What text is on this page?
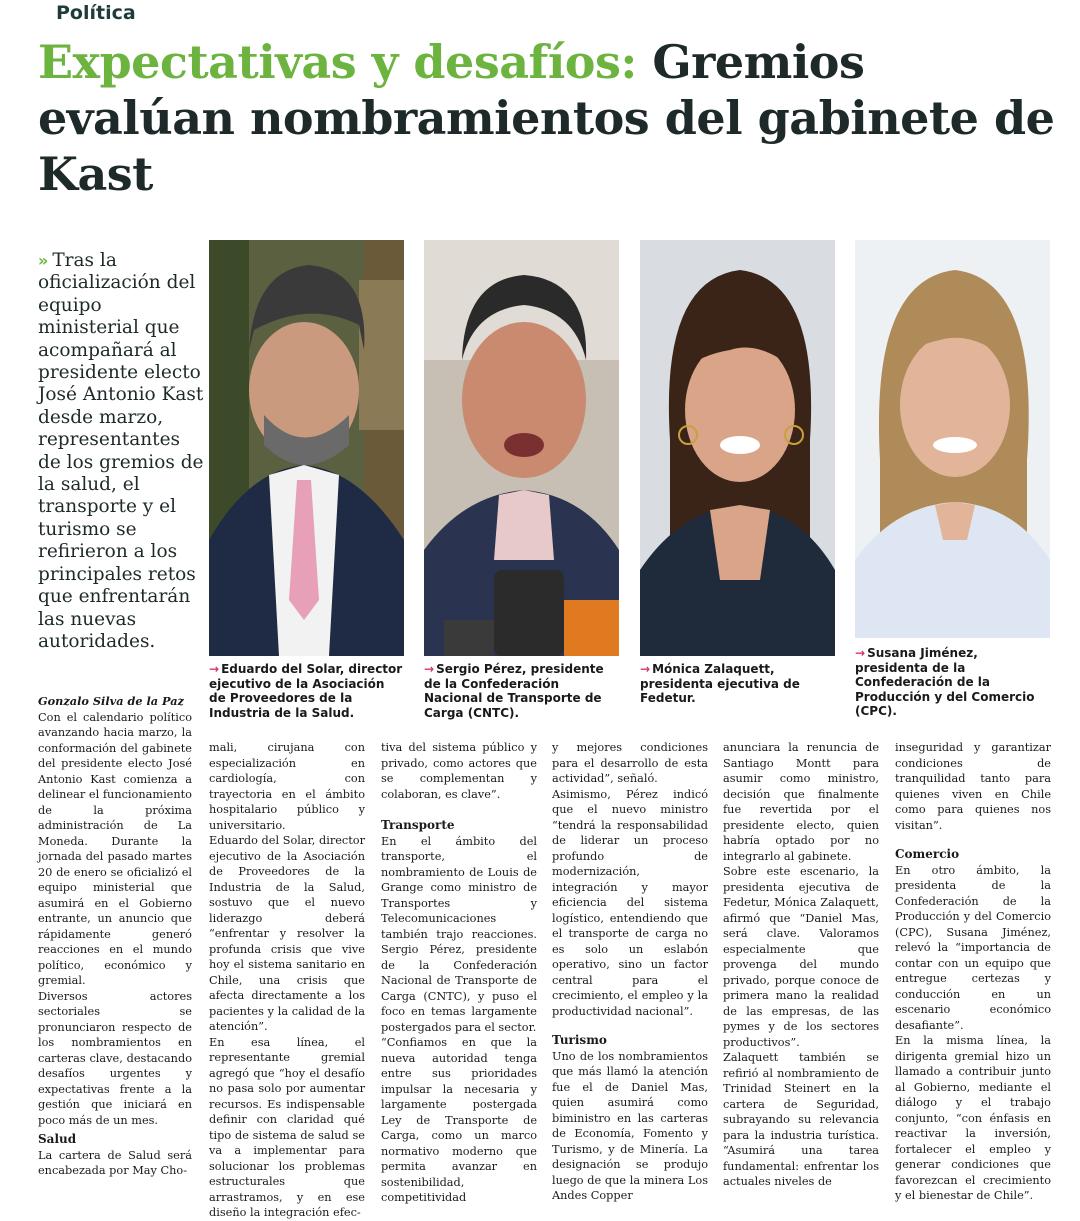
Política
Expectativas y desafíos: Gremios evalúan nombramientos del gabinete de Kast
» Tras la oficialización del equipo ministerial que acompañará al presidente electo José Antonio Kast desde marzo, representantes de los gremios de la salud, el transporte y el turismo se refirieron a los principales retos que enfrentarán las nuevas autoridades.
→ Eduardo del Solar, director ejecutivo de la Asociación de Proveedores de la Industria de la Salud.
→ Sergio Pérez, presidente de la Confederación Nacional de Transporte de Carga (CNTC).
→ Mónica Zalaquett, presidenta ejecutiva de Fedetur.
→ Susana Jiménez, presidenta de la Confederación de la Producción y del Comercio (CPC).

Gonzalo Silva de la Paz

Con el calendario político avanzando hacia marzo, la conformación del gabinete del presidente electo José Antonio Kast comienza a delinear el funcionamiento de la próxima administración de La Moneda. Durante la jornada del pasado martes 20 de enero se oficializó el equipo ministerial que asumirá en el Gobierno entrante, un anuncio que rápidamente generó reacciones en el mundo político, económico y gremial.

Diversos actores sectoriales se pronunciaron respecto de los nombramientos en carteras clave, destacando desafíos urgentes y expectativas frente a la gestión que iniciará en poco más de un mes.

Salud

La cartera de Salud será encabezada por May Cho-

mali, cirujana con especialización en cardiología, con trayectoria en el ámbito hospitalario público y universitario.

Eduardo del Solar, director ejecutivo de la Asociación de Proveedores de la Industria de la Salud, sostuvo que el nuevo liderazgo deberá “enfrentar y resolver la profunda crisis que vive hoy el sistema sanitario en Chile, una crisis que afecta directamente a los pacientes y la calidad de la atención”.

En esa línea, el representante gremial agregó que “hoy el desafío no pasa solo por aumentar recursos. Es indispensable definir con claridad qué tipo de sistema de salud se va a implementar para solucionar los problemas estructurales que arrastramos, y en ese diseño la integración efec-

tiva del sistema público y privado, como actores que se complementan y colaboran, es clave”.

Transporte

En el ámbito del transporte, el nombramiento de Louis de Grange como ministro de Transportes y Telecomunicaciones también trajo reacciones. Sergio Pérez, presidente de la Confederación Nacional de Transporte de Carga (CNTC), y puso el foco en temas largamente postergados para el sector.

“Confiamos en que la nueva autoridad tenga entre sus prioridades impulsar la necesaria y largamente postergada Ley de Transporte de Carga, como un marco normativo moderno que permita avanzar en sostenibilidad, competitividad

y mejores condiciones para el desarrollo de esta actividad”, señaló.

Asimismo, Pérez indicó que el nuevo ministro “tendrá la responsabilidad de liderar un proceso profundo de modernización, integración y mayor eficiencia del sistema logístico, entendiendo que el transporte de carga no es solo un eslabón operativo, sino un factor central para el crecimiento, el empleo y la productividad nacional”.

Turismo

Uno de los nombramientos que más llamó la atención fue el de Daniel Mas, quien asumirá como biministro en las carteras de Economía, Fomento y Turismo, y de Minería. La designación se produjo luego de que la minera Los Andes Copper

anunciara la renuncia de Santiago Montt para asumir como ministro, decisión que finalmente fue revertida por el presidente electo, quien habría optado por no integrarlo al gabinete.

Sobre este escenario, la presidenta ejecutiva de Fedetur, Mónica Zalaquett, afirmó que “Daniel Mas, será clave. Valoramos especialmente que provenga del mundo privado, porque conoce de primera mano la realidad de las empresas, de las pymes y de los sectores productivos”.

Zalaquett también se refirió al nombramiento de Trinidad Steinert en la cartera de Seguridad, subrayando su relevancia para la industria turística. “Asumirá una tarea fundamental: enfrentar los actuales niveles de

inseguridad y garantizar condiciones de tranquilidad tanto para quienes viven en Chile como para quienes nos visitan”.

Comercio

En otro ámbito, la presidenta de la Confederación de la Producción y del Comercio (CPC), Susana Jiménez, relevó la “importancia de contar con un equipo que entregue certezas y conducción en un escenario económico desafiante”.

En la misma línea, la dirigenta gremial hizo un llamado a contribuir junto al Gobierno, mediante el diálogo y el trabajo conjunto, “con énfasis en reactivar la inversión, fortalecer el empleo y generar condiciones que favorezcan el crecimiento y el bienestar de Chile”.
